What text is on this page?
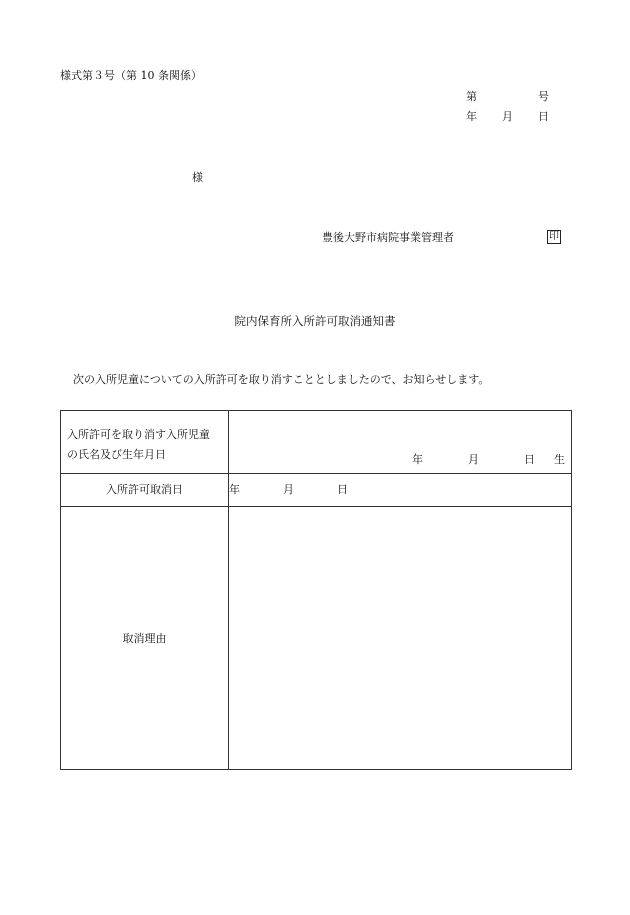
様式第３号（第 10 条関係）
第	号
年 月 日
様
豊後大野市病院事業管理者	印
院内保育所入所許可取消通知書
次の入所児童についての入所許可を取り消すこととしましたので、お知らせします。
入所許可を取り消す入所児童
の氏名及び生年月日	年 月 日 生

入所許可取消日	年 月 日
取消理由	
